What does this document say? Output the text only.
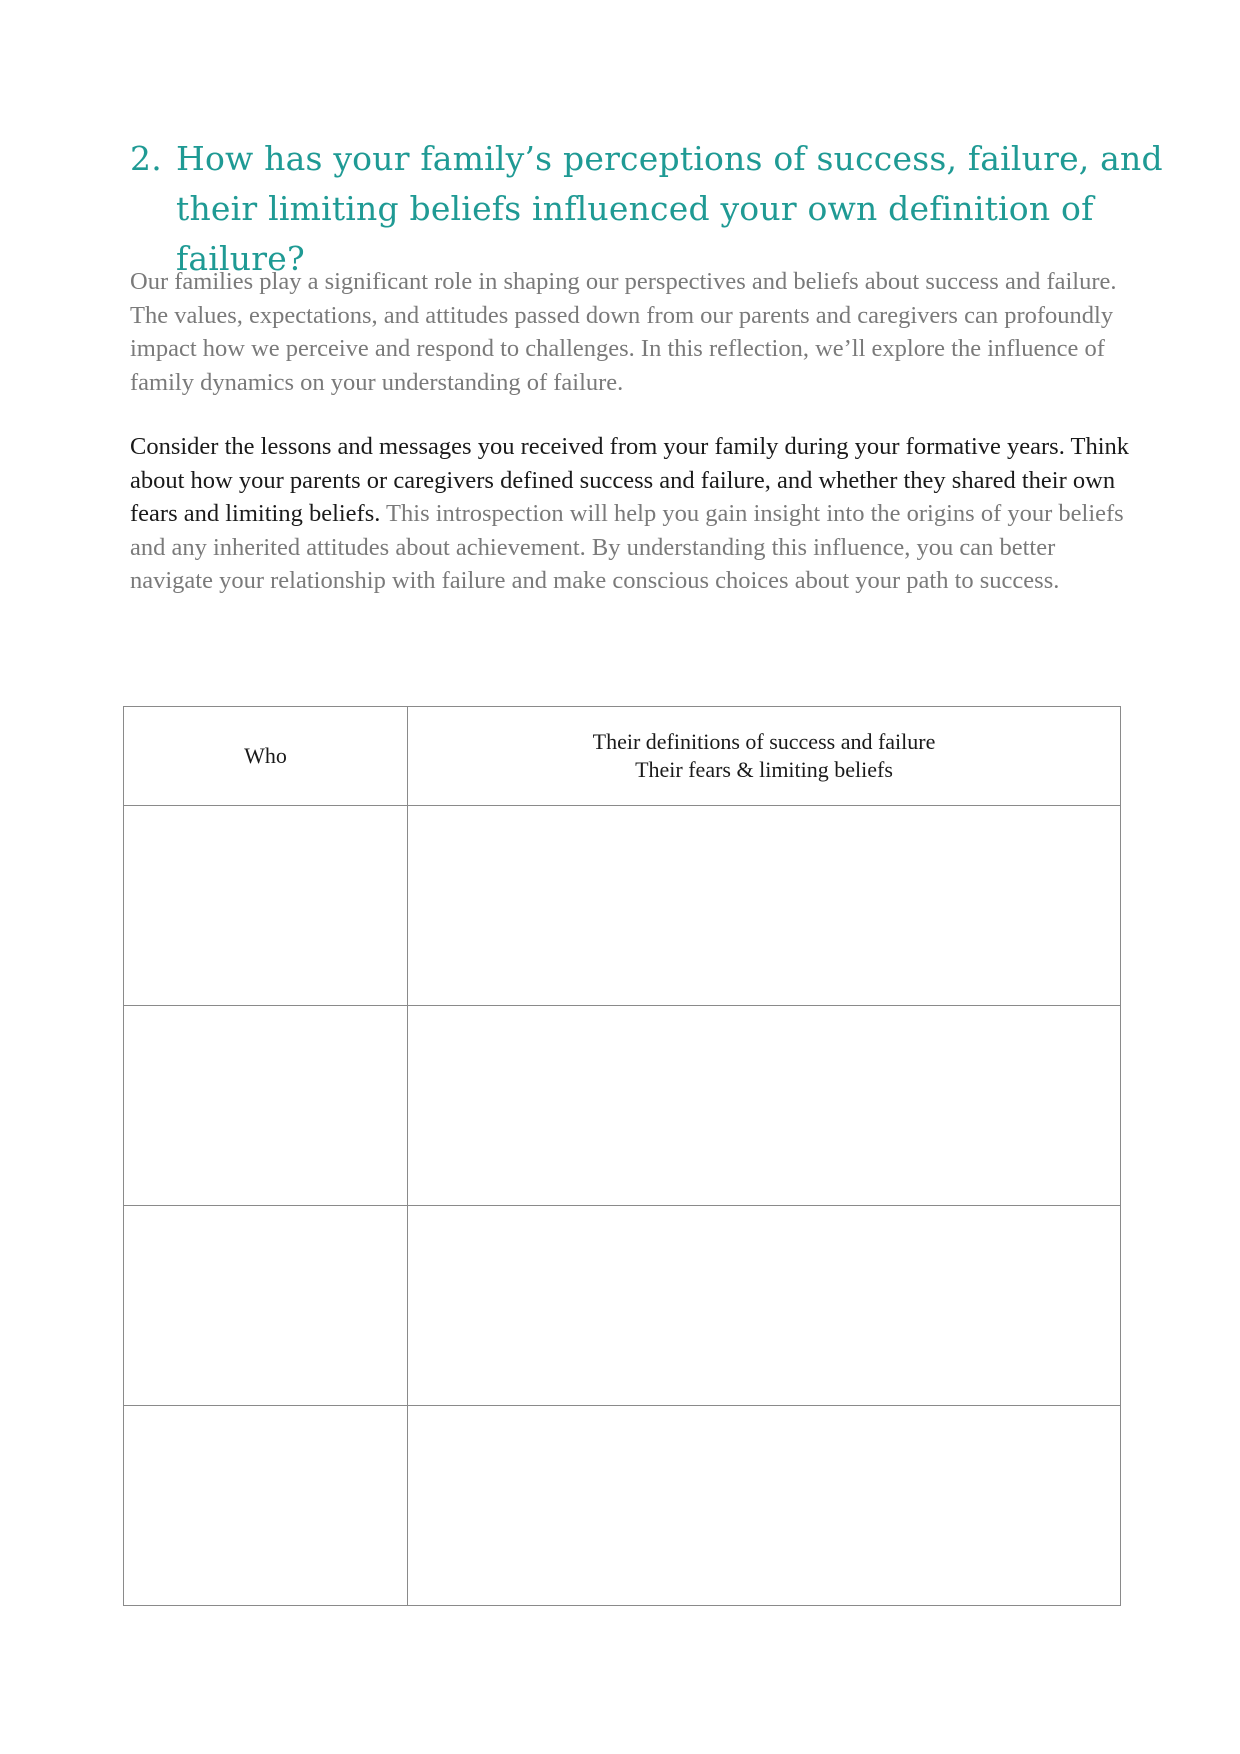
2. How has your family’s perceptions of success, failure, and
their limiting beliefs influenced your own definition of failure?

Our families play a significant role in shaping our perspectives and beliefs about success and failure. The values, expectations, and attitudes passed down from our parents and caregivers can profoundly impact how we perceive and respond to challenges. In this reflection, we’ll explore the influence of family dynamics on your understanding of failure.

Consider the lessons and messages you received from your family during your formative years. Think about how your parents or caregivers defined success and failure, and whether they shared their own fears and limiting beliefs. This introspection will help you gain insight into the origins of your beliefs and any inherited attitudes about achievement. By understanding this influence, you can better navigate your relationship with failure and make conscious choices about your path to success.

Who	Their definitions of success and failure
Their fears & limiting beliefs
